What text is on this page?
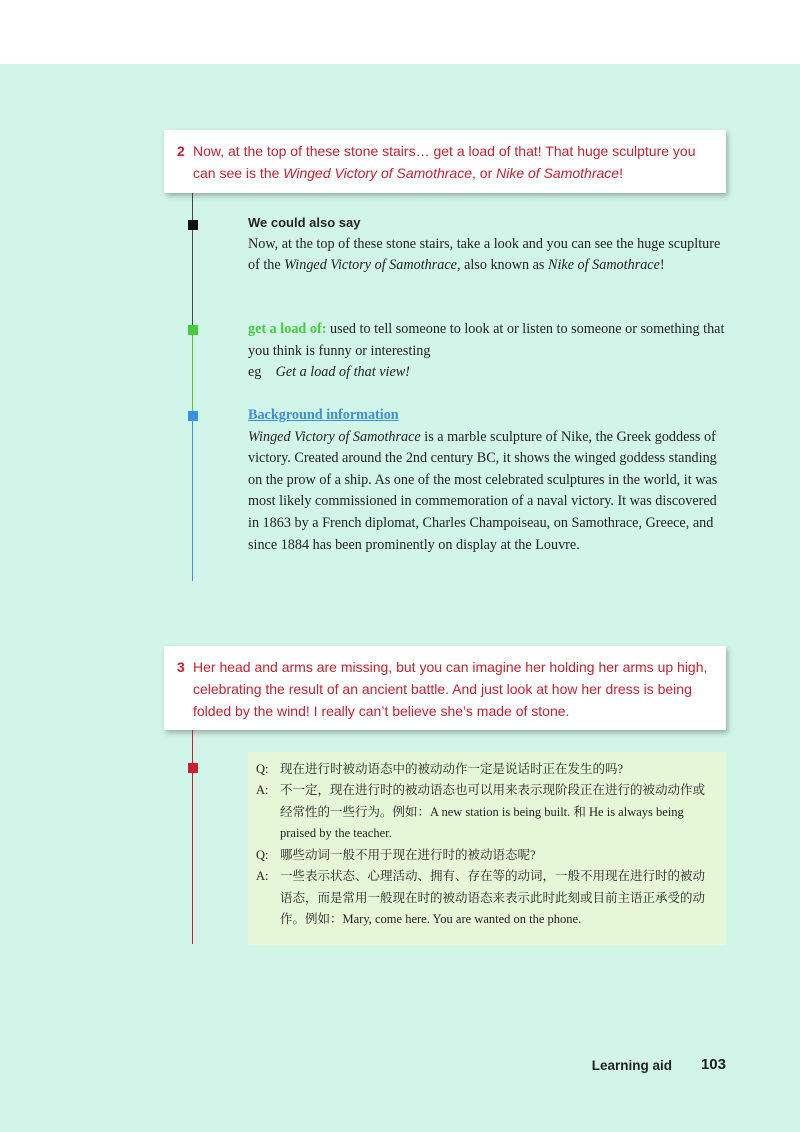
2 Now, at the top of these stone stairs… get a load of that! That huge sculpture you can see is the Winged Victory of Samothrace, or Nike of Samothrace!
We could also say
Now, at the top of these stone stairs, take a look and you can see the huge scuplture of the Winged Victory of Samothrace, also known as Nike of Samothrace!
get a load of: used to tell someone to look at or listen to someone or something that you think is funny or interesting
eg Get a load of that view!
Background information
Winged Victory of Samothrace is a marble sculpture of Nike, the Greek goddess of victory. Created around the 2nd century BC, it shows the winged goddess standing on the prow of a ship. As one of the most celebrated sculptures in the world, it was most likely commissioned in commemoration of a naval victory. It was discovered in 1863 by a French diplomat, Charles Champoiseau, on Samothrace, Greece, and since 1884 has been prominently on display at the Louvre.
3 Her head and arms are missing, but you can imagine her holding her arms up high, celebrating the result of an ancient battle. And just look at how her dress is being folded by the wind! I really can’t believe she’s made of stone.
Q: 现在进行时被动语态中的被动动作一定是说话时正在发生的吗?
A: 不一定，现在进行时的被动语态也可以用来表示现阶段正在进行的被动动作或经常性的一些行为。例如：A new station is being built. 和 He is always being praised by the teacher.
Q: 哪些动词一般不用于现在进行时的被动语态呢?
A: 一些表示状态、心理活动、拥有、存在等的动词，一般不用现在进行时的被动语态，而是常用一般现在时的被动语态来表示此时此刻或目前主语正承受的动作。例如：Mary, come here. You are wanted on the phone.
Learning aid 103
